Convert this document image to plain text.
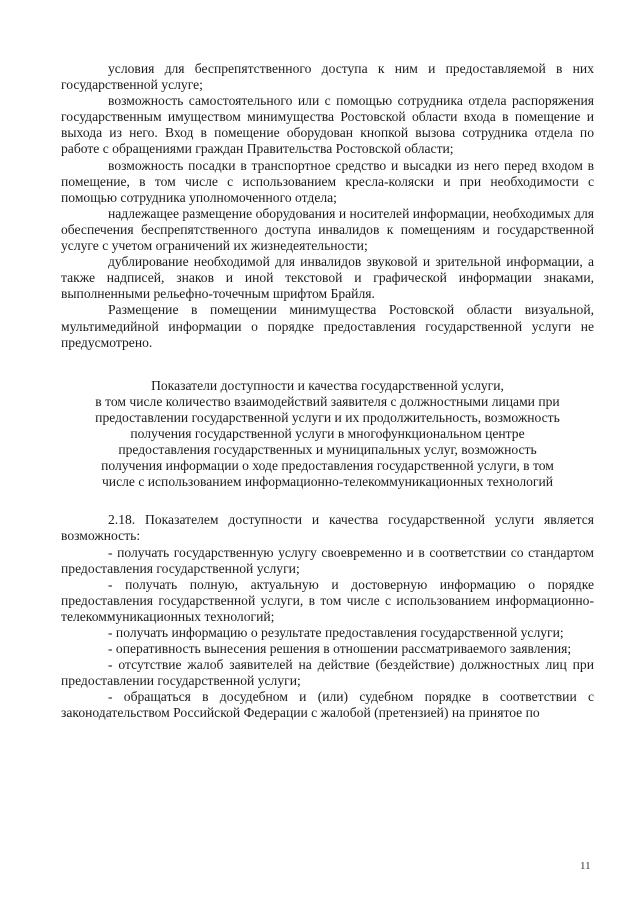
условия для беспрепятственного доступа к ним и предоставляемой в них государственной услуге;

возможность самостоятельного или с помощью сотрудника отдела распоряжения государственным имуществом минимущества Ростовской области входа в помещение и выхода из него. Вход в помещение оборудован кнопкой вызова сотрудника отдела по работе с обращениями граждан Правительства Ростовской области;

возможность посадки в транспортное средство и высадки из него перед входом в помещение, в том числе с использованием кресла-коляски и при необходимости с помощью сотрудника уполномоченного отдела;

надлежащее размещение оборудования и носителей информации, необходимых для обеспечения беспрепятственного доступа инвалидов к помещениям и государственной услуге с учетом ограничений их жизнедеятельности;

дублирование необходимой для инвалидов звуковой и зрительной информации, а также надписей, знаков и иной текстовой и графической информации знаками, выполненными рельефно-точечным шрифтом Брайля.

Размещение в помещении минимущества Ростовской области визуальной, мультимедийной информации о порядке предоставления государственной услуги не предусмотрено.

Показатели доступности и качества государственной услуги,
в том числе количество взаимодействий заявителя с должностными лицами при
предоставлении государственной услуги и их продолжительность, возможность
получения государственной услуги в многофункциональном центре
предоставления государственных и муниципальных услуг, возможность
получения информации о ходе предоставления государственной услуги, в том
числе с использованием информационно-телекоммуникационных технологий

2.18. Показателем доступности и качества государственной услуги является возможность:

- получать государственную услугу своевременно и в соответствии со стандартом предоставления государственной услуги;

- получать полную, актуальную и достоверную информацию о порядке предоставления государственной услуги, в том числе с использованием информационно-телекоммуникационных технологий;

- получать информацию о результате предоставления государственной услуги;

- оперативность вынесения решения в отношении рассматриваемого заявления;

- отсутствие жалоб заявителей на действие (бездействие) должностных лиц при предоставлении государственной услуги;

- обращаться в досудебном и (или) судебном порядке в соответствии с законодательством Российской Федерации с жалобой (претензией) на принятое по

11
